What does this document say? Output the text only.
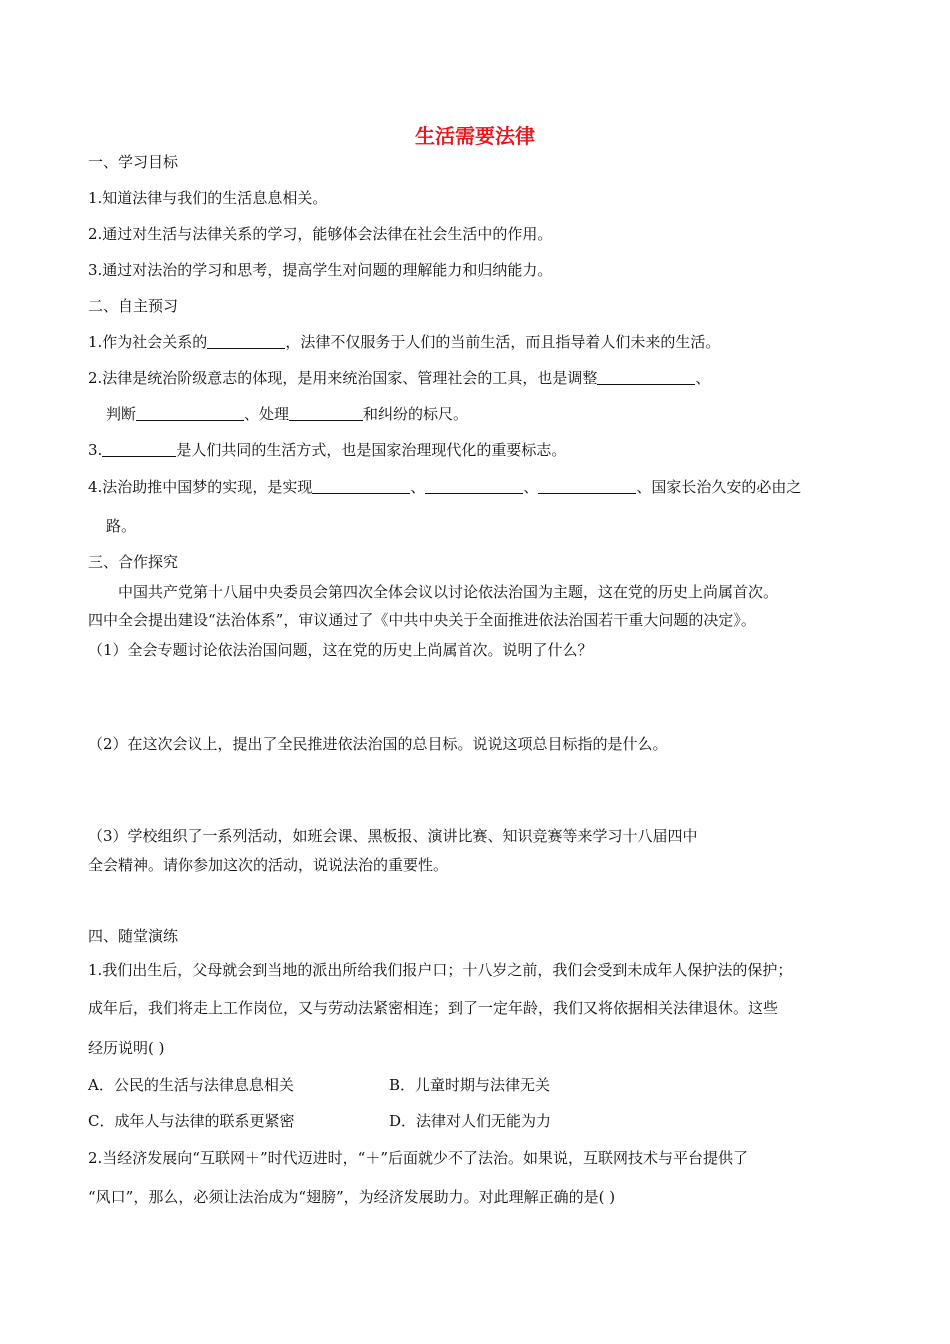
生活需要法律
一、学习目标
1.知道法律与我们的生活息息相关。
2.通过对生活与法律关系的学习，能够体会法律在社会生活中的作用。
3.通过对法治的学习和思考，提高学生对问题的理解能力和归纳能力。
二、自主预习
1.作为社会关系的	，法律不仅服务于人们的当前生活，而且指导着人们未来的生活。
2.法律是统治阶级意志的体现，是用来统治国家、管理社会的工具，也是调整	、
判断	、处理	和纠纷的标尺。
3.	是人们共同的生活方式，也是国家治理现代化的重要标志。
4.法治助推中国梦的实现，是实现	、	、	、国家长治久安的必由之
路。
三、合作探究
中国共产党第十八届中央委员会第四次全体会议以讨论依法治国为主题，这在党的历史上尚属首次。
四中全会提出建设“法治体系”，审议通过了《中共中央关于全面推进依法治国若干重大问题的决定》。
（1）全会专题讨论依法治国问题，这在党的历史上尚属首次。说明了什么？
（2）在这次会议上，提出了全民推进依法治国的总目标。说说这项总目标指的是什么。
（3）学校组织了一系列活动，如班会课、黑板报、演讲比赛、知识竞赛等来学习十八届四中
全会精神。请你参加这次的活动，说说法治的重要性。
四、随堂演练
1.我们出生后，父母就会到当地的派出所给我们报户口；十八岁之前，我们会受到未成年人保护法的保护；
成年后，我们将走上工作岗位，又与劳动法紧密相连；到了一定年龄，我们又将依据相关法律退休。这些
经历说明( )
A．公民的生活与法律息息相关	B．儿童时期与法律无关
C．成年人与法律的联系更紧密	D．法律对人们无能为力
2.当经济发展向“互联网＋”时代迈进时，“＋”后面就少不了法治。如果说，互联网技术与平台提供了
“风口”，那么，必须让法治成为“翅膀”，为经济发展助力。对此理解正确的是( )
